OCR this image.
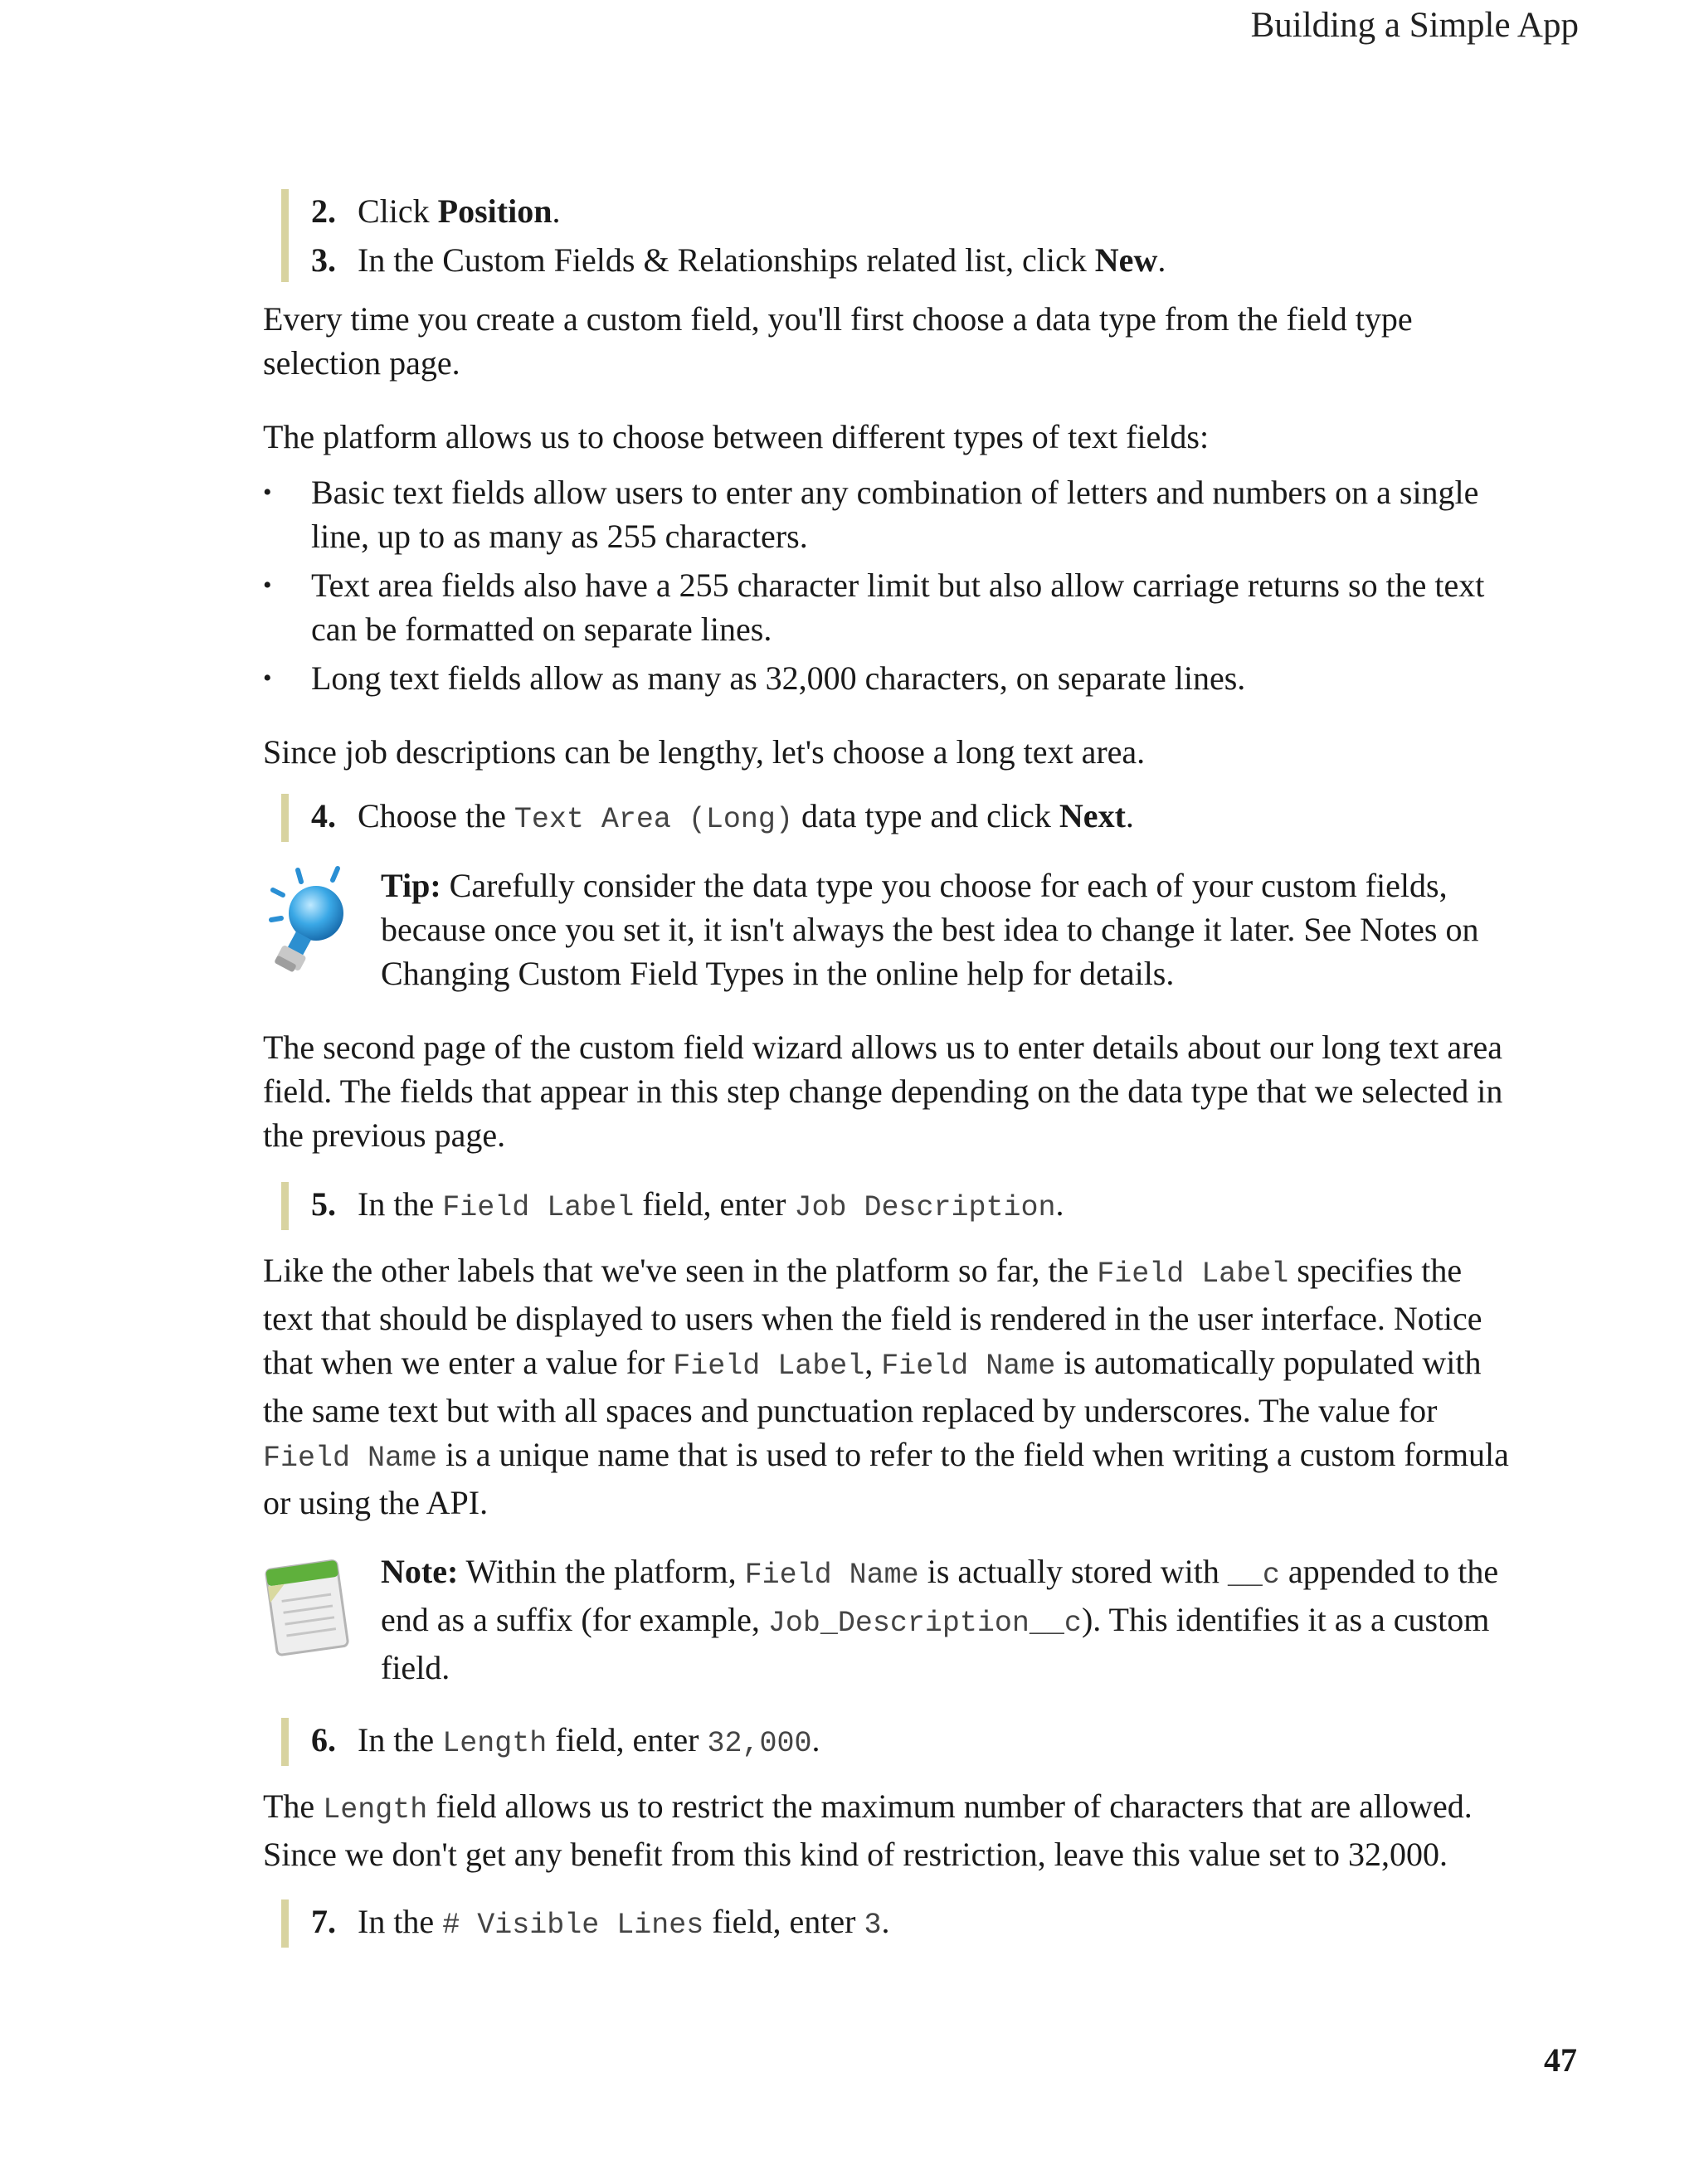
Building a Simple App
2. Click Position.
3. In the Custom Fields & Relationships related list, click New.

Every time you create a custom field, you'll first choose a data type from the field type selection page.

The platform allows us to choose between different types of text fields:

• Basic text fields allow users to enter any combination of letters and numbers on a single line, up to as many as 255 characters.
• Text area fields also have a 255 character limit but also allow carriage returns so the text can be formatted on separate lines.
• Long text fields allow as many as 32,000 characters, on separate lines.

Since job descriptions can be lengthy, let's choose a long text area.

4. Choose the Text Area (Long) data type and click Next.
Tip: Carefully consider the data type you choose for each of your custom fields, because once you set it, it isn't always the best idea to change it later. See Notes on Changing Custom Field Types in the online help for details.

The second page of the custom field wizard allows us to enter details about our long text area field. The fields that appear in this step change depending on the data type that we selected in the previous page.

5. In the Field Label field, enter Job Description.

Like the other labels that we've seen in the platform so far, the Field Label specifies the text that should be displayed to users when the field is rendered in the user interface. Notice that when we enter a value for Field Label, Field Name is automatically populated with the same text but with all spaces and punctuation replaced by underscores. The value for Field Name is a unique name that is used to refer to the field when writing a custom formula or using the API.

Note: Within the platform, Field Name is actually stored with __c appended to the end as a suffix (for example, Job_Description__c). This identifies it as a custom field.
6. In the Length field, enter 32,000.

The Length field allows us to restrict the maximum number of characters that are allowed. Since we don't get any benefit from this kind of restriction, leave this value set to 32,000.

7. In the # Visible Lines field, enter 3.
47
